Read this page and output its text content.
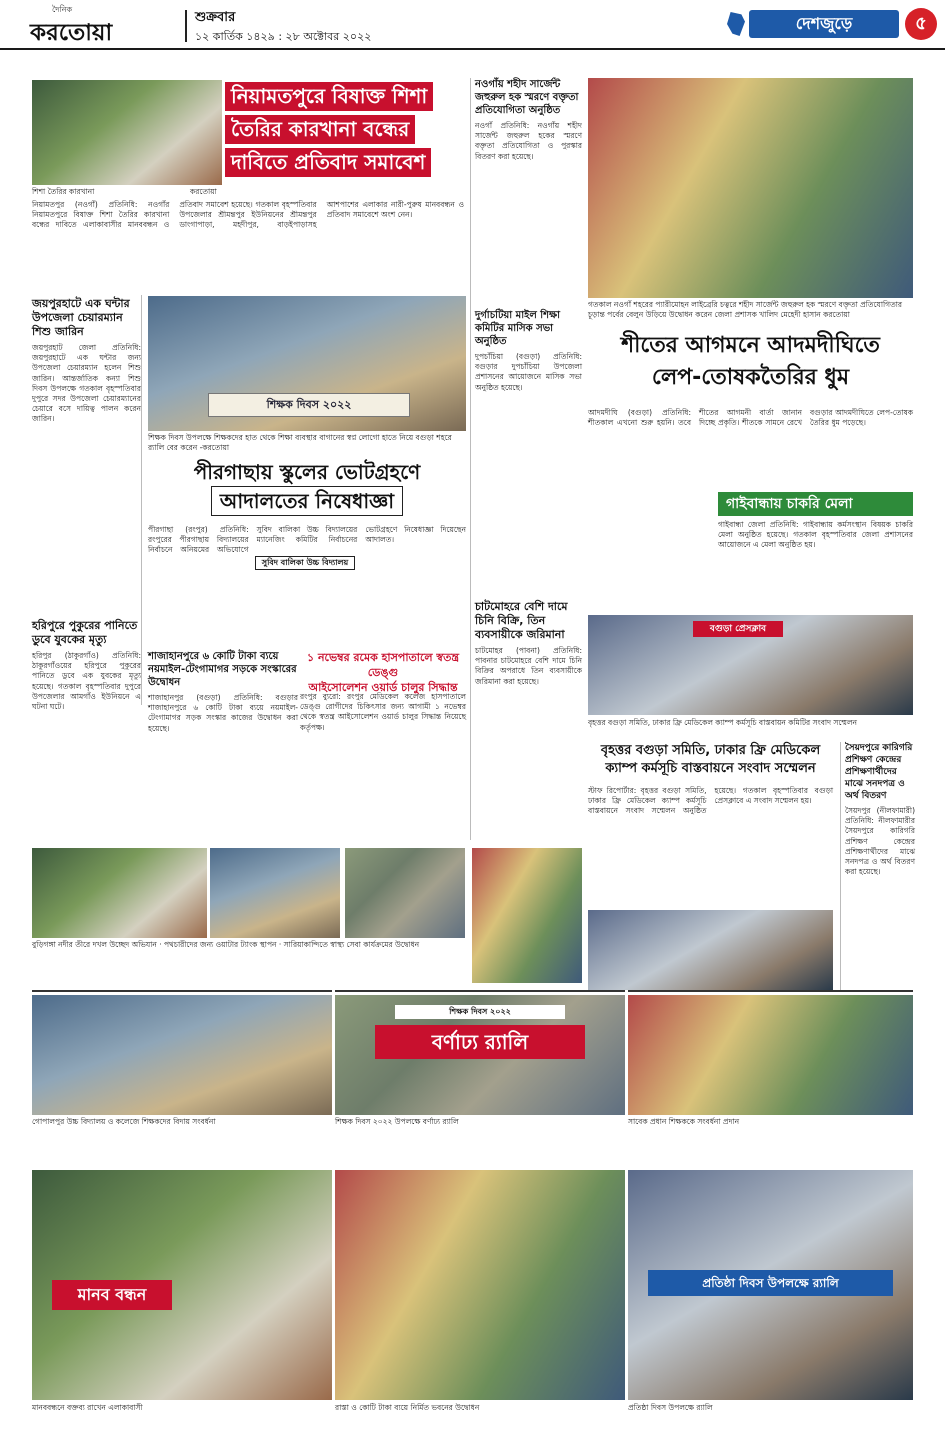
দৈনিক
করতোয়া
শুক্রবার
১২ কার্তিক ১৪২৯ : ২৮ অক্টোবর ২০২২
দেশজুড়ে	৫
শিশা তৈরির কারখানা	করতোয়া
নিয়ামতপুরে বিষাক্ত শিশা
তৈরির কারখানা বন্ধের
দাবিতে প্রতিবাদ সমাবেশ
নিয়ামতপুর (নওগাঁ) প্রতিনিধি: নওগাঁর নিয়ামতপুরে বিষাক্ত শিশা তৈরির কারখানা বন্ধের দাবিতে এলাকাবাসীর মানববন্ধন ও প্রতিবাদ সমাবেশ হয়েছে। গতকাল বৃহস্পতিবার উপজেলার শ্রীমন্তপুর ইউনিয়নের শ্রীমন্তপুর ডাংগাপাড়া, মহদীপুর, বাড়ইপাড়াসহ আশপাশের এলাকার নারী-পুরুষ মানববন্ধন ও প্রতিবাদ সমাবেশে অংশ নেন।
জয়পুরহাটে এক ঘন্টার উপজেলা চেয়ারম্যান শিশু জারিন
জয়পুরহাট জেলা প্রতিনিধি: জয়পুরহাটে এক ঘন্টার জন্য উপজেলা চেয়ারম্যান হলেন শিশু জারিন। আন্তর্জাতিক কন্যা শিশু দিবস উপলক্ষে গতকাল বৃহস্পতিবার দুপুরে সদর উপজেলা চেয়ারম্যানের চেয়ারে বসে দায়িত্ব পালন করেন জারিন।
হরিপুরে পুকুরের পানিতে ডুবে যুবকের মৃত্যু
হরিপুর (ঠাকুরগাঁও) প্রতিনিধি: ঠাকুরগাঁওয়ের হরিপুরে পুকুরের পানিতে ডুবে এক যুবকের মৃত্যু হয়েছে। গতকাল বৃহস্পতিবার দুপুরে উপজেলার আমগাঁও ইউনিয়নে এ ঘটনা ঘটে।
শিক্ষক দিবস ২০২২
শিক্ষক দিবস উপলক্ষে শিক্ষকদের হাত থেকে শিক্ষা ব্যবস্থার বাগানের স্বপ্ন লোগো হাতে নিয়ে বগুড়া শহরে র‌্যালি বের করেন -করতোয়া
পীরগাছায় স্কুলের ভোটগ্রহণে
আদালতের নিষেধাজ্ঞা
পীরগাছা (রংপুর) প্রতিনিধি: রংপুরের পীরগাছায় বিদ্যালয়ের নির্বাচনে অনিয়মের অভিযোগে সুবিদ বালিকা উচ্চ বিদ্যালয়ের ম্যানেজিং কমিটির নির্বাচনের ভোটগ্রহণে নিষেধাজ্ঞা দিয়েছেন আদালত।
সুবিদ বালিকা উচ্চ বিদ্যালয়
শাজাহানপুরে ৬ কোটি টাকা ব্যয়ে নয়মাইল-টেংগামাগর সড়কে সংস্কারের উদ্বোধন
শাজাহানপুর (বগুড়া) প্রতিনিধি: বগুড়ার শাজাহানপুরে ৬ কোটি টাকা ব্যয়ে নয়মাইল-টেংগামাগর সড়ক সংস্কার কাজের উদ্বোধন করা হয়েছে।
১ নভেম্বর রমেক হাসপাতালে স্বতন্ত্র ডেঙ্গু
আইসোলেশন ওয়ার্ড চালুর সিদ্ধান্ত
রংপুর ব্যুরো: রংপুর মেডিকেল কলেজ হাসপাতালে ডেঙ্গু রোগীদের চিকিৎসার জন্য আগামী ১ নভেম্বর থেকে স্বতন্ত্র আইসোলেশন ওয়ার্ড চালুর সিদ্ধান্ত নিয়েছে কর্তৃপক্ষ।
নওগাঁয় শহীদ সার্জেন্ট জহুরুল হক স্মরণে বক্তৃতা প্রতিযোগিতা অনুষ্ঠিত
নওগাঁ প্রতিনিধি: নওগাঁয় শহীদ সার্জেন্ট জহুরুল হকের স্মরণে বক্তৃতা প্রতিযোগিতা ও পুরস্কার বিতরণ করা হয়েছে।
দুর্গাচটিয়া মাইল শিক্ষা কমিটির মাসিক সভা অনুষ্ঠিত
দুপচাঁচিয়া (বগুড়া) প্রতিনিধি: বগুড়ার দুপচাঁচিয়া উপজেলা প্রশাসনের আয়োজনে মাসিক সভা অনুষ্ঠিত হয়েছে।
চাটমোহরে বেশি দামে চিনি বিক্রি, তিন ব্যবসায়ীকে জরিমানা
চাটমোহর (পাবনা) প্রতিনিধি: পাবনার চাটমোহরে বেশি দামে চিনি বিক্রির অপরাধে তিন ব্যবসায়ীকে জরিমানা করা হয়েছে।
গতকাল নওগাঁ শহরের প্যারীমোহন লাইব্রেরি চত্বরে শহীদ সার্জেন্ট জহুরুল হক স্মরণে বক্তৃতা প্রতিযোগিতার চূড়ান্ত পর্বের বেলুন উড়িয়ে উদ্বোধন করেন জেলা প্রশাসক খালিদ মেহেদী হাসান করতোয়া
শীতের আগমনে আদমদীঘিতে
লেপ-তোষকতৈরির ধুম
আদমদীঘি (বগুড়া) প্রতিনিধি: শীতকাল এখনো শুরু হয়নি। তবে শীতের আগমনী বার্তা জানান দিচ্ছে প্রকৃতি। শীতকে সামনে রেখে বগুড়ার আদমদীঘিতে লেপ-তোষক তৈরির ধুম পড়েছে।
গাইবান্ধায় চাকরি মেলা
গাইবান্ধা জেলা প্রতিনিধি: গাইবান্ধায় কর্মসংস্থান বিষয়ক চাকরি মেলা অনুষ্ঠিত হয়েছে। গতকাল বৃহস্পতিবার জেলা প্রশাসনের আয়োজনে এ মেলা অনুষ্ঠিত হয়।
বগুড়া প্রেসক্লাব
বৃহত্তর বগুড়া সমিতি, ঢাকার ফ্রি মেডিকেল ক্যাম্প কর্মসূচি বাস্তবায়ন কমিটির সংবাদ সম্মেলন
বৃহত্তর বগুড়া সমিতি, ঢাকার ফ্রি মেডিকেল
ক্যাম্প কর্মসূচি বাস্তবায়নে সংবাদ সম্মেলন
স্টাফ রিপোর্টার: বৃহত্তর বগুড়া সমিতি, ঢাকার ফ্রি মেডিকেল ক্যাম্প কর্মসূচি বাস্তবায়নে সংবাদ সম্মেলন অনুষ্ঠিত হয়েছে। গতকাল বৃহস্পতিবার বগুড়া প্রেসক্লাবে এ সংবাদ সম্মেলন হয়।
সৈয়দপুরে কারিগরি প্রশিক্ষণ কেন্দ্রের প্রশিক্ষণার্থীদের মাঝে সনদপত্র ও অর্থ বিতরণ
সৈয়দপুর (নীলফামারী) প্রতিনিধি: নীলফামারীর সৈয়দপুরে কারিগরি প্রশিক্ষণ কেন্দ্রের প্রশিক্ষণার্থীদের মাঝে সনদপত্র ও অর্থ বিতরণ করা হয়েছে।
বুড়িগঙ্গা নদীর তীরে দখল উচ্ছেদ অভিযান · পথচারীদের জন্য ওয়াটার ট্যাংক স্থাপন · সারিয়াকান্দিতে স্বাস্থ্য সেবা কার্যক্রমের উদ্বোধন
গোপালপুর উচ্চ বিদ্যালয় ও কলেজে শিক্ষকদের বিদায় সংবর্ধনা
শিক্ষক দিবস ২০২২
বর্ণাঢ্য র‍্যালি
শিক্ষক দিবস ২০২২ উপলক্ষে বর্ণাঢ্য র‍্যালি	সাবেক প্রধান শিক্ষককে সংবর্ধনা প্রদান
মানব বন্ধন
মানববন্ধনে বক্তব্য রাখেন এলাকাবাসী	রাস্তা ও কোটি টাকা ব্যয়ে নির্মিত ভবনের উদ্বোধন
প্রতিষ্ঠা দিবস উপলক্ষে র‍্যালি
প্রতিষ্ঠা দিবস উপলক্ষে র‍্যালি
